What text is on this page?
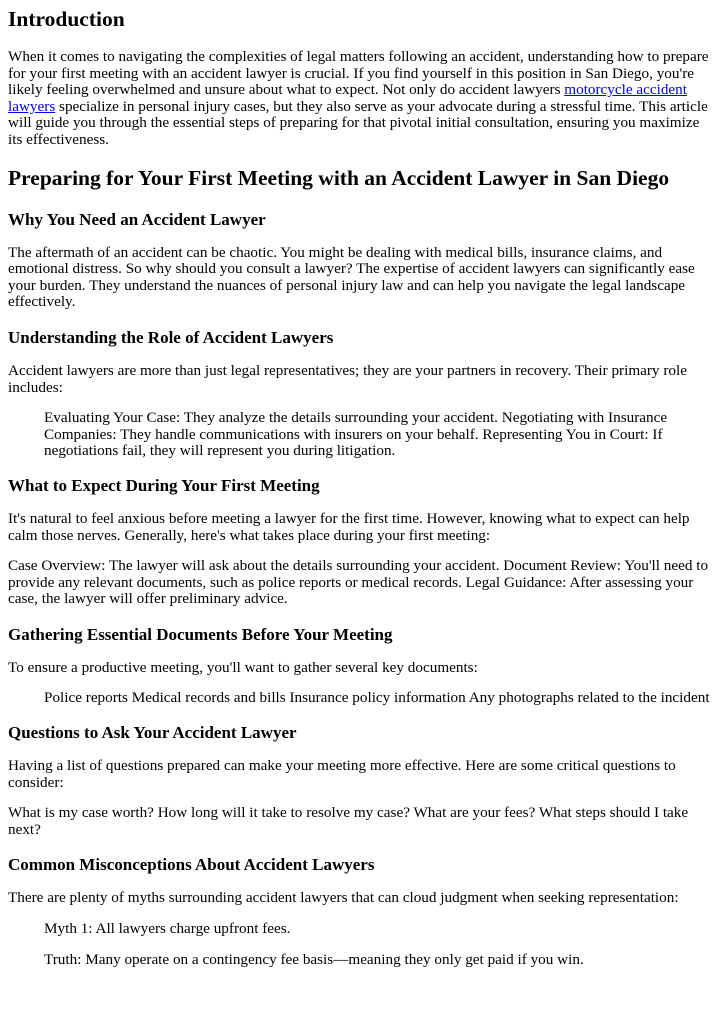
Introduction

When it comes to navigating the complexities of legal matters following an accident, understanding how to prepare for your first meeting with an accident lawyer is crucial. If you find yourself in this position in San Diego, you're likely feeling overwhelmed and unsure about what to expect. Not only do accident lawyers motorcycle accident lawyers specialize in personal injury cases, but they also serve as your advocate during a stressful time. This article will guide you through the essential steps of preparing for that pivotal initial consultation, ensuring you maximize its effectiveness.

Preparing for Your First Meeting with an Accident Lawyer in San Diego
Why You Need an Accident Lawyer

The aftermath of an accident can be chaotic. You might be dealing with medical bills, insurance claims, and emotional distress. So why should you consult a lawyer? The expertise of accident lawyers can significantly ease your burden. They understand the nuances of personal injury law and can help you navigate the legal landscape effectively.

Understanding the Role of Accident Lawyers

Accident lawyers are more than just legal representatives; they are your partners in recovery. Their primary role includes:

Evaluating Your Case: They analyze the details surrounding your accident. Negotiating with Insurance Companies: They handle communications with insurers on your behalf. Representing You in Court: If negotiations fail, they will represent you during litigation.
What to Expect During Your First Meeting

It's natural to feel anxious before meeting a lawyer for the first time. However, knowing what to expect can help calm those nerves. Generally, here's what takes place during your first meeting:

Case Overview: The lawyer will ask about the details surrounding your accident. Document Review: You'll need to provide any relevant documents, such as police reports or medical records. Legal Guidance: After assessing your case, the lawyer will offer preliminary advice.

Gathering Essential Documents Before Your Meeting

To ensure a productive meeting, you'll want to gather several key documents:

Police reports Medical records and bills Insurance policy information Any photographs related to the incident
Questions to Ask Your Accident Lawyer

Having a list of questions prepared can make your meeting more effective. Here are some critical questions to consider:

What is my case worth? How long will it take to resolve my case? What are your fees? What steps should I take next?

Common Misconceptions About Accident Lawyers

There are plenty of myths surrounding accident lawyers that can cloud judgment when seeking representation:

Myth 1: All lawyers charge upfront fees.
Truth: Many operate on a contingency fee basis—meaning they only get paid if you win.
